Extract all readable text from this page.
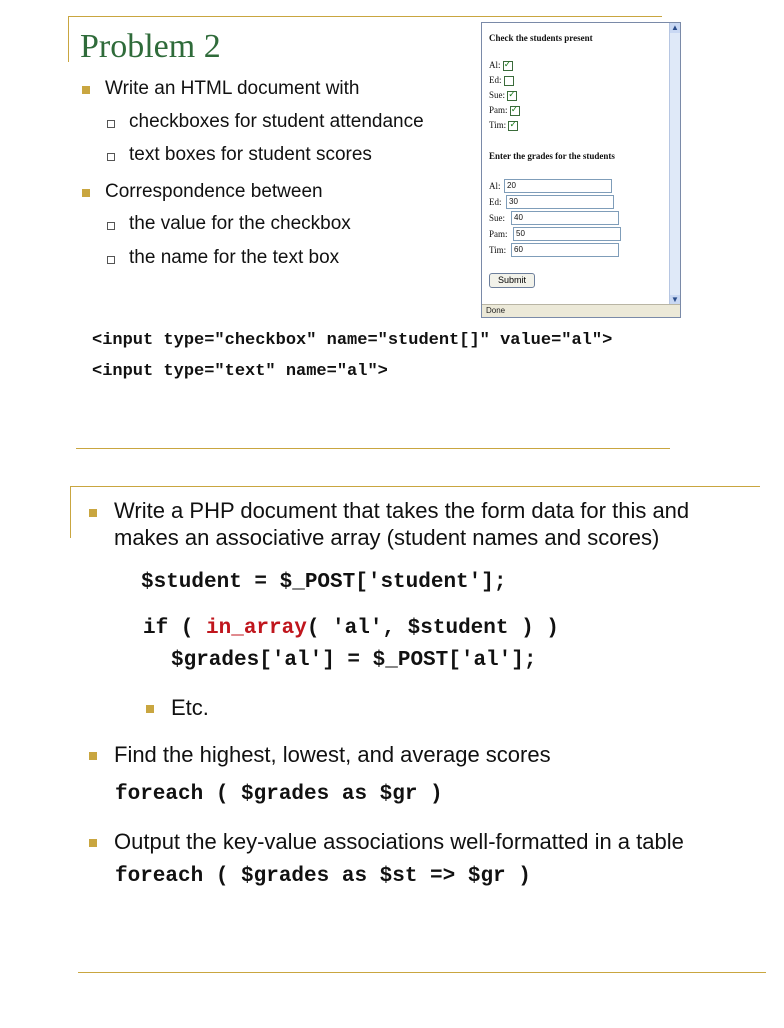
Problem 2
Write an HTML document with
checkboxes for student attendance
text boxes for student scores
Correspondence between
the value for the checkbox
the name for the text box
Check the students present
Al: ✓
Ed:
Sue: ✓
Pam: ✓
Tim: ✓
Enter the grades for the students
Al: 20
Ed: 30
Sue:	40
Pam:	50
Tim: 60
Submit
▲
▼
Done
<input type="checkbox" name="student[]" value="al">
<input type="text" name="al">
Write a PHP document that takes the form data for this and
makes an associative array (student names and scores)
$student = $_POST['student'];
if ( in_array( 'al', $student ) )
$grades['al'] = $_POST['al'];
Etc.
Find the highest, lowest, and average scores
foreach ( $grades as $gr )
Output the key-value associations well-formatted in a table
foreach ( $grades as $st => $gr )
